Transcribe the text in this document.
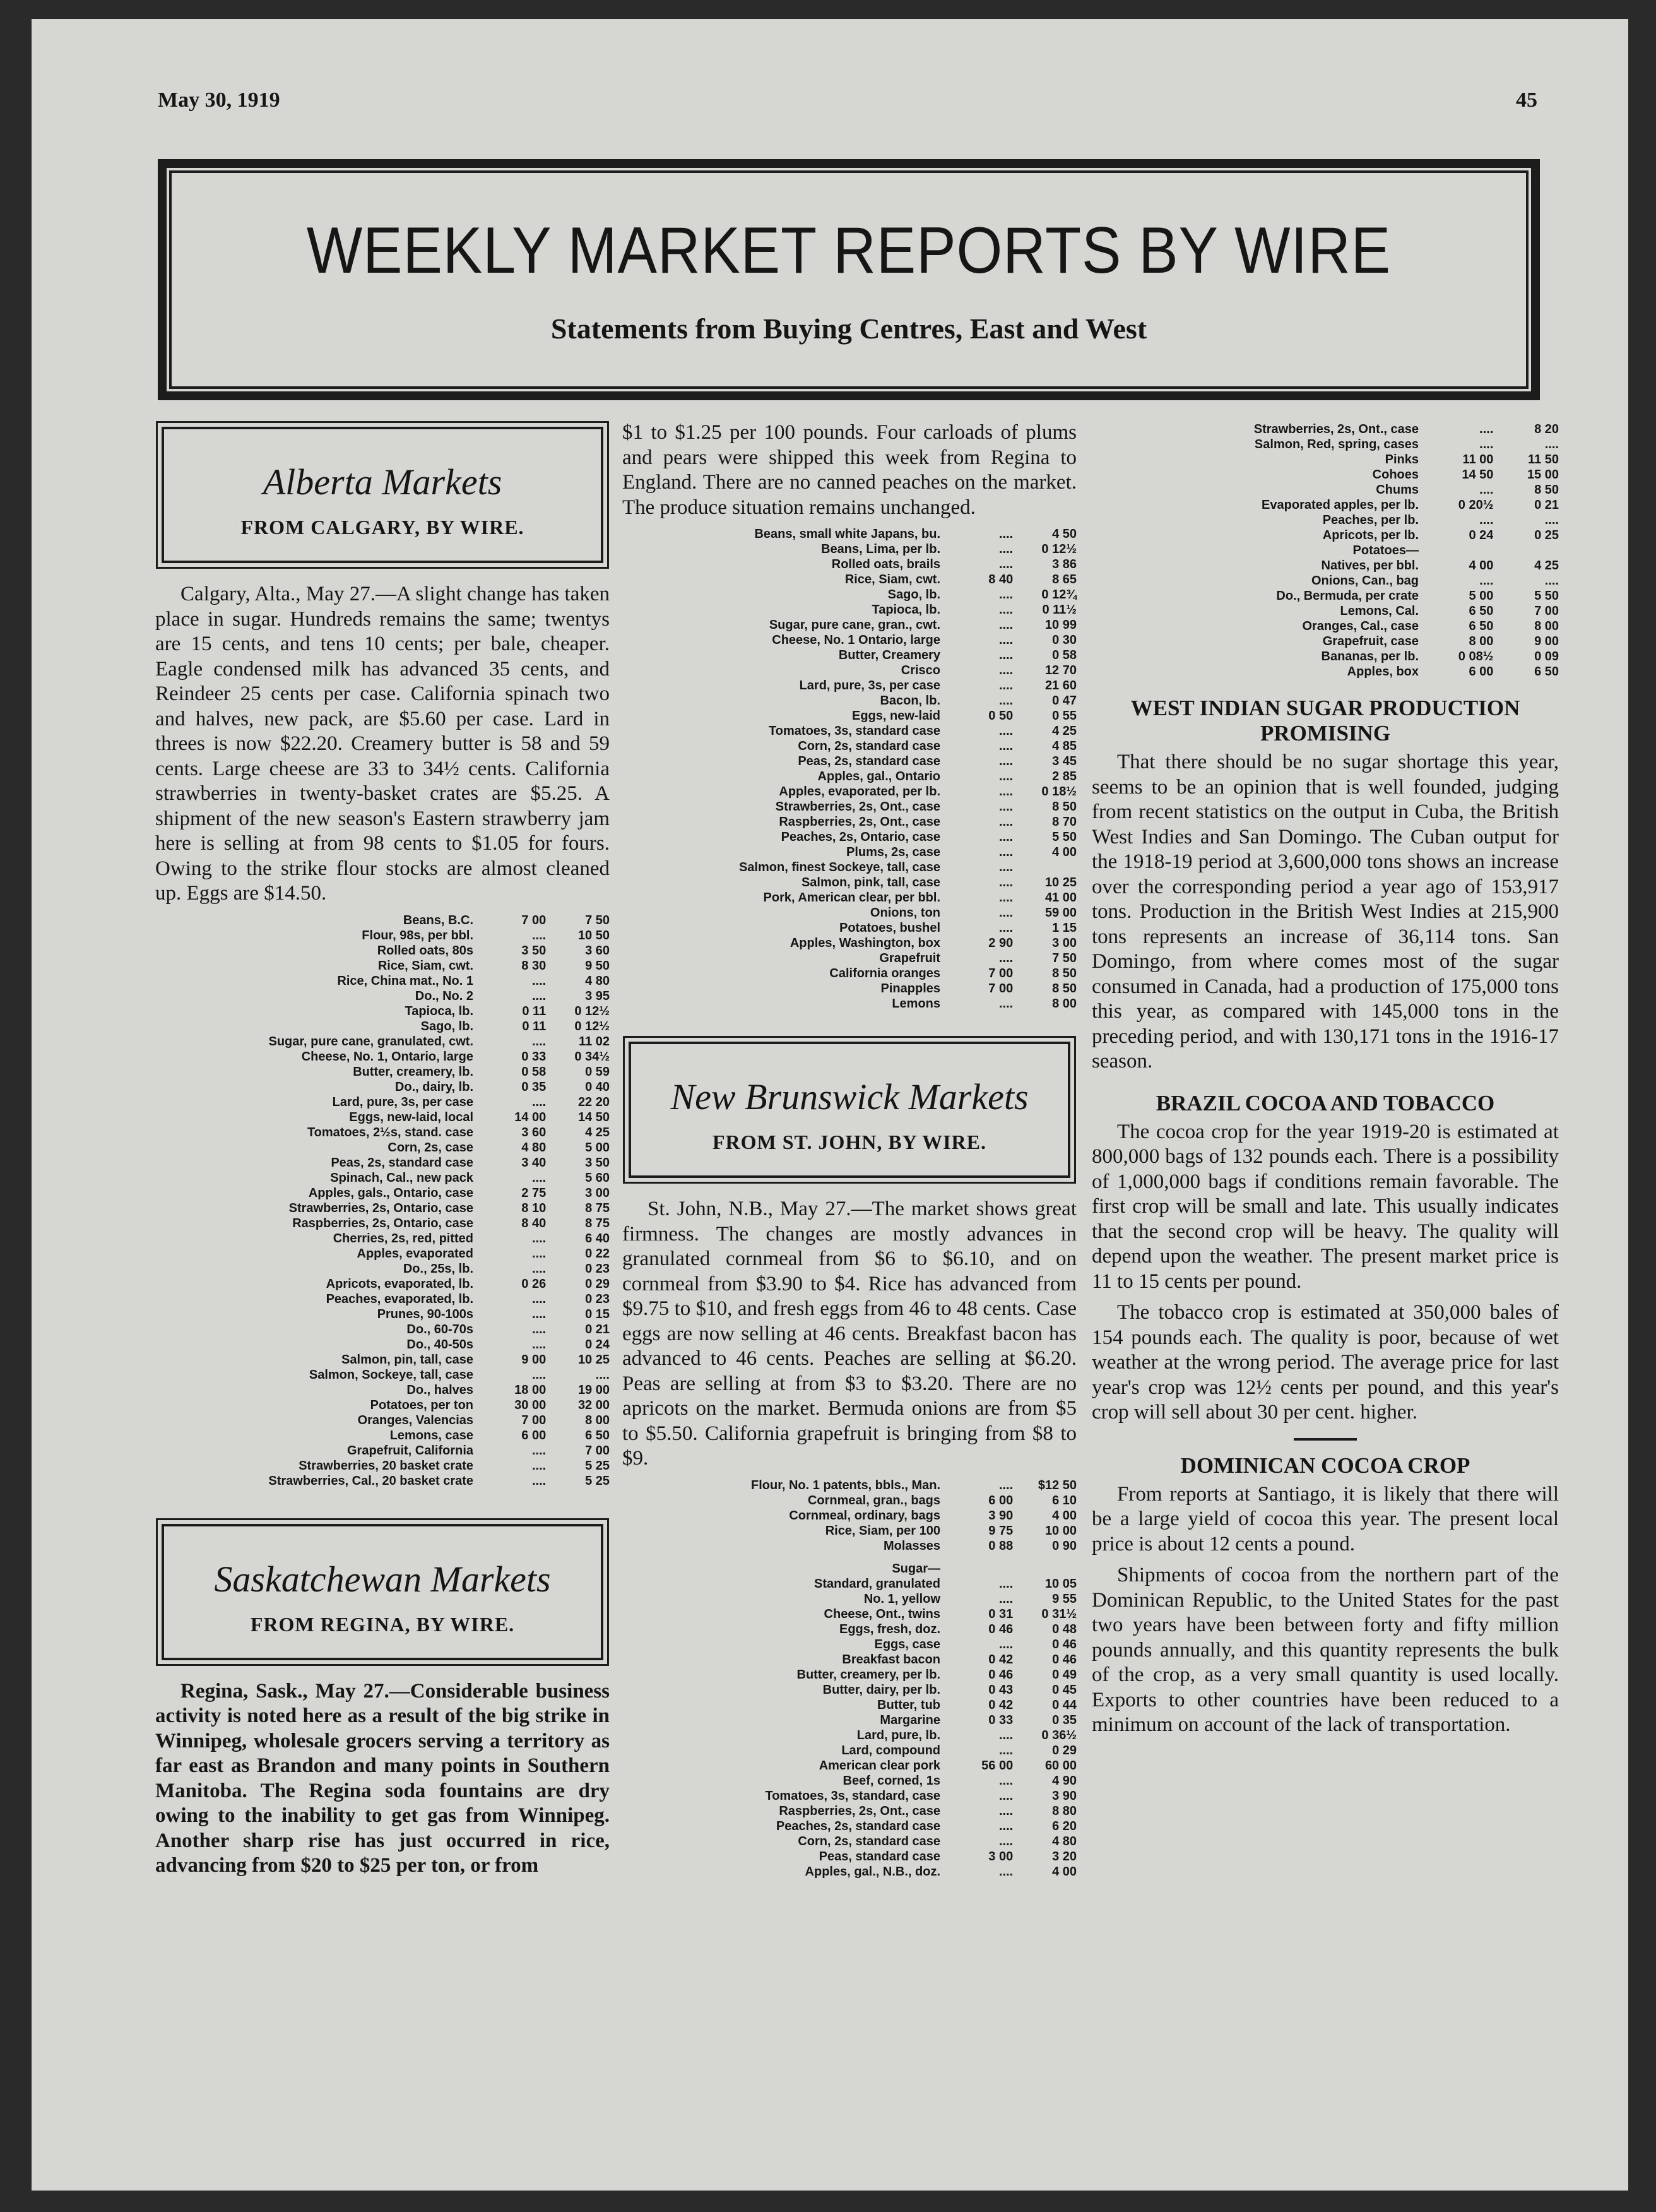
May 30, 1919	45
WEEKLY MARKET REPORTS BY WIRE
Statements from Buying Centres, East and West
Alberta Markets
FROM CALGARY, BY WIRE.

Calgary, Alta., May 27.—A slight change has taken place in sugar. Hundreds remains the same; twentys are 15 cents, and tens 10 cents; per bale, cheaper. Eagle condensed milk has advanced 35 cents, and Reindeer 25 cents per case. California spinach two and halves, new pack, are $5.60 per case. Lard in threes is now $22.20. Creamery butter is 58 and 59 cents. Large cheese are 33 to 34½ cents. California strawberries in twenty-basket crates are $5.25. A shipment of the new season's Eastern strawberry jam here is selling at from 98 cents to $1.05 for fours. Owing to the strike flour stocks are almost cleaned up. Eggs are $14.50.

Beans, B.C.	7 00	7 50
Flour, 98s, per bbl.	....	10 50
Rolled oats, 80s	3 50	3 60
Rice, Siam, cwt.	8 30	9 50
Rice, China mat., No. 1	....	4 80
Do., No. 2	....	3 95
Tapioca, lb.	0 11	0 12½
Sago, lb.	0 11	0 12½
Sugar, pure cane, granulated, cwt.	....	11 02
Cheese, No. 1, Ontario, large	0 33	0 34½
Butter, creamery, lb.	0 58	0 59
Do., dairy, lb.	0 35	0 40
Lard, pure, 3s, per case	....	22 20
Eggs, new-laid, local	14 00	14 50
Tomatoes, 2½s, stand. case	3 60	4 25
Corn, 2s, case	4 80	5 00
Peas, 2s, standard case	3 40	3 50
Spinach, Cal., new pack	....	5 60
Apples, gals., Ontario, case	2 75	3 00
Strawberries, 2s, Ontario, case	8 10	8 75
Raspberries, 2s, Ontario, case	8 40	8 75
Cherries, 2s, red, pitted	....	6 40
Apples, evaporated	....	0 22
Do., 25s, lb.	....	0 23
Apricots, evaporated, lb.	0 26	0 29
Peaches, evaporated, lb.	....	0 23
Prunes, 90-100s	....	0 15
Do., 60-70s	....	0 21
Do., 40-50s	....	0 24
Salmon, pin, tall, case	9 00	10 25
Salmon, Sockeye, tall, case	....	....
Do., halves	18 00	19 00
Potatoes, per ton	30 00	32 00
Oranges, Valencias	7 00	8 00
Lemons, case	6 00	6 50
Grapefruit, California	....	7 00
Strawberries, 20 basket crate	....	5 25
Strawberries, Cal., 20 basket crate	....	5 25
Saskatchewan Markets
FROM REGINA, BY WIRE.

Regina, Sask., May 27.—Considerable business activity is noted here as a result of the big strike in Winnipeg, wholesale grocers serving a territory as far east as Brandon and many points in Southern Manitoba. The Regina soda fountains are dry owing to the inability to get gas from Winnipeg. Another sharp rise has just occurred in rice, advancing from $20 to $25 per ton, or from

$1 to $1.25 per 100 pounds. Four carloads of plums and pears were shipped this week from Regina to England. There are no canned peaches on the market. The produce situation remains unchanged.

Beans, small white Japans, bu.	....	4 50
Beans, Lima, per lb.	....	0 12½
Rolled oats, brails	....	3 86
Rice, Siam, cwt.	8 40	8 65
Sago, lb.	....	0 12¾
Tapioca, lb.	....	0 11½
Sugar, pure cane, gran., cwt.	....	10 99
Cheese, No. 1 Ontario, large	....	0 30
Butter, Creamery	....	0 58
Crisco	....	12 70
Lard, pure, 3s, per case	....	21 60
Bacon, lb.	....	0 47
Eggs, new-laid	0 50	0 55
Tomatoes, 3s, standard case	....	4 25
Corn, 2s, standard case	....	4 85
Peas, 2s, standard case	....	3 45
Apples, gal., Ontario	....	2 85
Apples, evaporated, per lb.	....	0 18½
Strawberries, 2s, Ont., case	....	8 50
Raspberries, 2s, Ont., case	....	8 70
Peaches, 2s, Ontario, case	....	5 50
Plums, 2s, case	....	4 00
Salmon, finest Sockeye, tall, case	....	
Salmon, pink, tall, case	....	10 25
Pork, American clear, per bbl.	....	41 00
Onions, ton	....	59 00
Potatoes, bushel	....	1 15
Apples, Washington, box	2 90	3 00
Grapefruit	....	7 50
California oranges	7 00	8 50
Pinapples	7 00	8 50
Lemons	....	8 00
New Brunswick Markets
FROM ST. JOHN, BY WIRE.

St. John, N.B., May 27.—The market shows great firmness. The changes are mostly advances in granulated cornmeal from $6 to $6.10, and on cornmeal from $3.90 to $4. Rice has advanced from $9.75 to $10, and fresh eggs from 46 to 48 cents. Case eggs are now selling at 46 cents. Breakfast bacon has advanced to 46 cents. Peaches are selling at $6.20. Peas are selling at from $3 to $3.20. There are no apricots on the market. Bermuda onions are from $5 to $5.50. California grapefruit is bringing from $8 to $9.

Flour, No. 1 patents, bbls., Man.	....	$12 50
Cornmeal, gran., bags	6 00	6 10
Cornmeal, ordinary, bags	3 90	4 00
Rice, Siam, per 100	9 75	10 00
Molasses	0 88	0 90
Sugar—		
Standard, granulated	....	10 05
No. 1, yellow	....	9 55
Cheese, Ont., twins	0 31	0 31½
Eggs, fresh, doz.	0 46	0 48
Eggs, case	....	0 46
Breakfast bacon	0 42	0 46
Butter, creamery, per lb.	0 46	0 49
Butter, dairy, per lb.	0 43	0 45
Butter, tub	0 42	0 44
Margarine	0 33	0 35
Lard, pure, lb.	....	0 36½
Lard, compound	....	0 29
American clear pork	56 00	60 00
Beef, corned, 1s	....	4 90
Tomatoes, 3s, standard, case	....	3 90
Raspberries, 2s, Ont., case	....	8 80
Peaches, 2s, standard case	....	6 20
Corn, 2s, standard case	....	4 80
Peas, standard case	3 00	3 20
Apples, gal., N.B., doz.	....	4 00
Strawberries, 2s, Ont., case	....	8 20
Salmon, Red, spring, cases	....	....
Pinks	11 00	11 50
Cohoes	14 50	15 00
Chums	....	8 50
Evaporated apples, per lb.	0 20½	0 21
Peaches, per lb.	....	....
Apricots, per lb.	0 24	0 25
Potatoes—		
Natives, per bbl.	4 00	4 25
Onions, Can., bag	....	....
Do., Bermuda, per crate	5 00	5 50
Lemons, Cal.	6 50	7 00
Oranges, Cal., case	6 50	8 00
Grapefruit, case	8 00	9 00
Bananas, per lb.	0 08½	0 09
Apples, box	6 00	6 50
WEST INDIAN SUGAR PRODUCTION PROMISING

That there should be no sugar shortage this year, seems to be an opinion that is well founded, judging from recent statistics on the output in Cuba, the British West Indies and San Domingo. The Cuban output for the 1918-19 period at 3,600,000 tons shows an increase over the corresponding period a year ago of 153,917 tons. Production in the British West Indies at 215,900 tons represents an increase of 36,114 tons. San Domingo, from where comes most of the sugar consumed in Canada, had a production of 175,000 tons this year, as compared with 145,000 tons in the preceding period, and with 130,171 tons in the 1916-17 season.

BRAZIL COCOA AND TOBACCO

The cocoa crop for the year 1919-20 is estimated at 800,000 bags of 132 pounds each. There is a possibility of 1,000,000 bags if conditions remain favorable. The first crop will be small and late. This usually indicates that the second crop will be heavy. The quality will depend upon the weather. The present market price is 11 to 15 cents per pound.

The tobacco crop is estimated at 350,000 bales of 154 pounds each. The quality is poor, because of wet weather at the wrong period. The average price for last year's crop was 12½ cents per pound, and this year's crop will sell about 30 per cent. higher.

DOMINICAN COCOA CROP

From reports at Santiago, it is likely that there will be a large yield of cocoa this year. The present local price is about 12 cents a pound.

Shipments of cocoa from the northern part of the Dominican Republic, to the United States for the past two years have been between forty and fifty million pounds annually, and this quantity represents the bulk of the crop, as a very small quantity is used locally. Exports to other countries have been reduced to a minimum on account of the lack of transportation.
